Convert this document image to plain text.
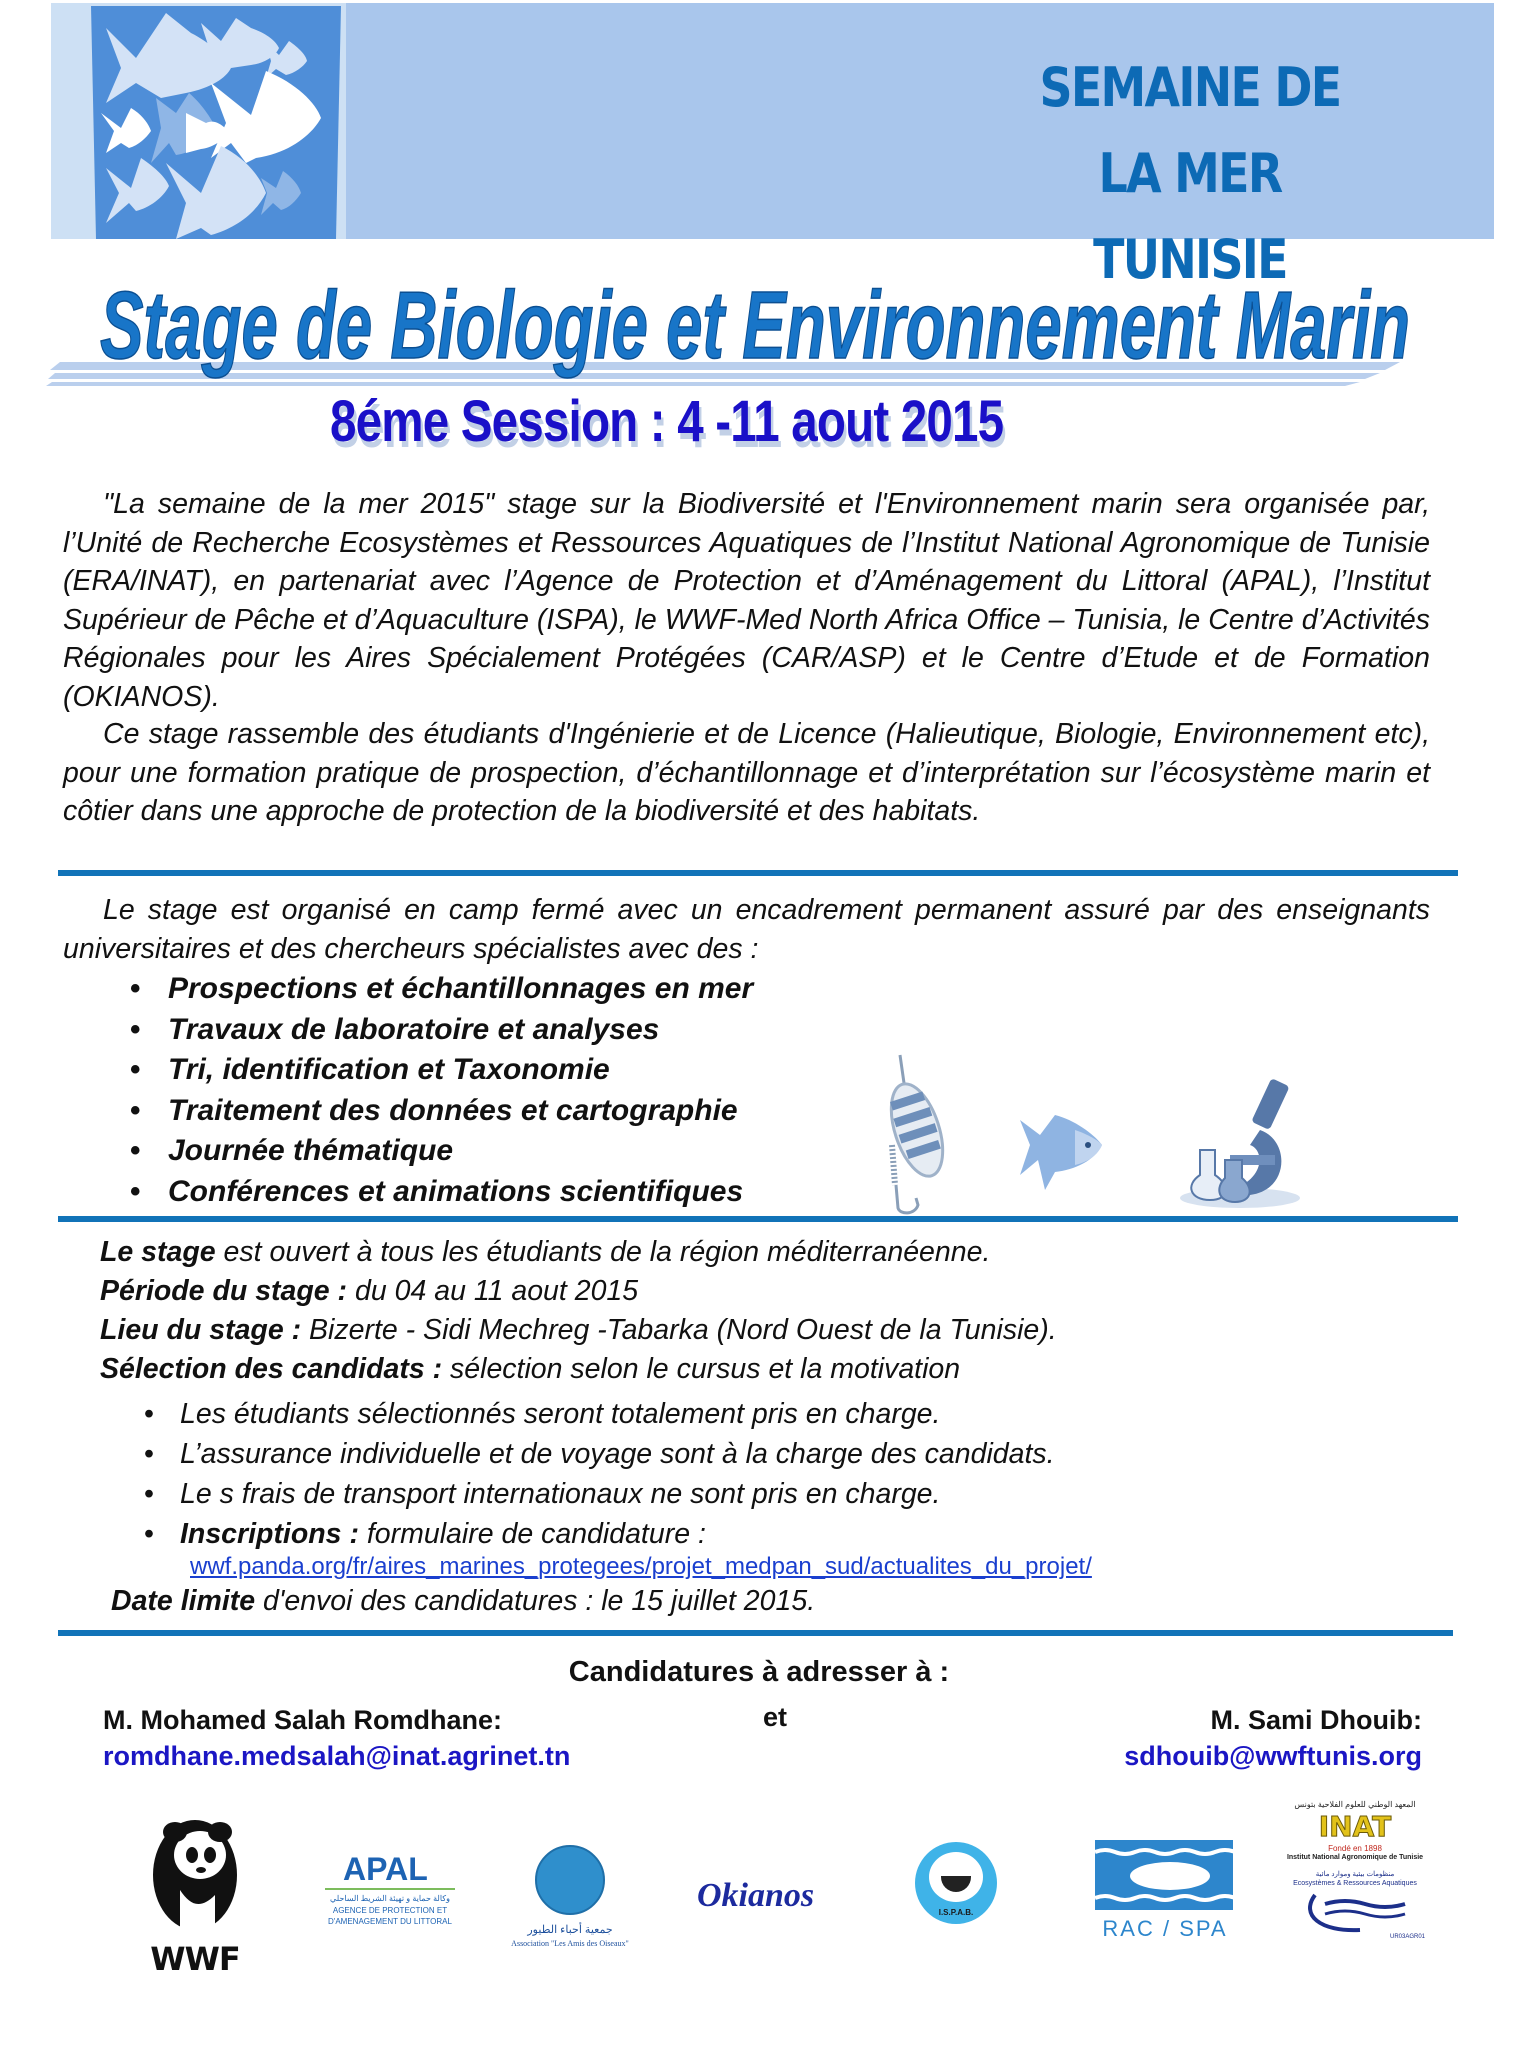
SEMAINE DE LA MER
TUNISIE
Stage de Biologie et Environnement Marin
8éme Session : 4 -11 aout 2015
"La semaine de la mer 2015" stage sur la Biodiversité et l'Environnement marin sera organisée par, l’Unité de Recherche Ecosystèmes et Ressources Aquatiques de l’Institut National Agronomique de Tunisie (ERA/INAT), en partenariat avec l’Agence de Protection et d’Aménagement du Littoral (APAL), l’Institut Supérieur de Pêche et d’Aquaculture (ISPA), le WWF-Med North Africa Office – Tunisia, le Centre d’Activités Régionales pour les Aires Spécialement Protégées (CAR/ASP) et le Centre d’Etude et de Formation (OKIANOS).
Ce stage rassemble des étudiants d'Ingénierie et de Licence (Halieutique, Biologie, Environnement etc), pour une formation pratique de prospection, d’échantillonnage et d’interprétation sur l’écosystème marin et côtier dans une approche de protection de la biodiversité et des habitats.
Le stage est organisé en camp fermé avec un encadrement permanent assuré par des enseignants universitaires et des chercheurs spécialistes avec des :
• Prospections et échantillonnages en mer
• Travaux de laboratoire et analyses
• Tri, identification et Taxonomie
• Traitement des données et cartographie
• Journée thématique
• Conférences et animations scientifiques
Le stage est ouvert à tous les étudiants de la région méditerranéenne.
Période du stage : du 04 au 11 aout 2015
Lieu du stage : Bizerte - Sidi Mechreg -Tabarka (Nord Ouest de la Tunisie).
Sélection des candidats : sélection selon le cursus et la motivation
• Les étudiants sélectionnés seront totalement pris en charge.
• L’assurance individuelle et de voyage sont à la charge des candidats.
• Le s frais de transport internationaux ne sont pris en charge.
• Inscriptions : formulaire de candidature :
wwf.panda.org/fr/aires_marines_protegees/projet_medpan_sud/actualites_du_projet/
Date limite d'envoi des candidatures : le 15 juillet 2015.
Candidatures à adresser à :
M. Mohamed Salah Romdhane:
romdhane.medsalah@inat.agrinet.tn
et	M. Sami Dhouib:
sdhouib@wwftunis.org
WWF
APAL
وكالة حماية و تهيئة الشريط الساحلي
AGENCE DE PROTECTION ET
D'AMENAGEMENT DU LITTORAL
جمعية أحباء الطيور
Association "Les Amis des Oiseaux"
Okianos	I.S.P.A.B.
RAC / SPA
المعهد الوطني للعلوم الفلاحية بتونس
INAT
Fondé en 1898
Institut National Agronomique de Tunisie
منظومات بيئية وموارد مائية
Ecosystèmes & Ressources Aquatiques
UR03AGR01
